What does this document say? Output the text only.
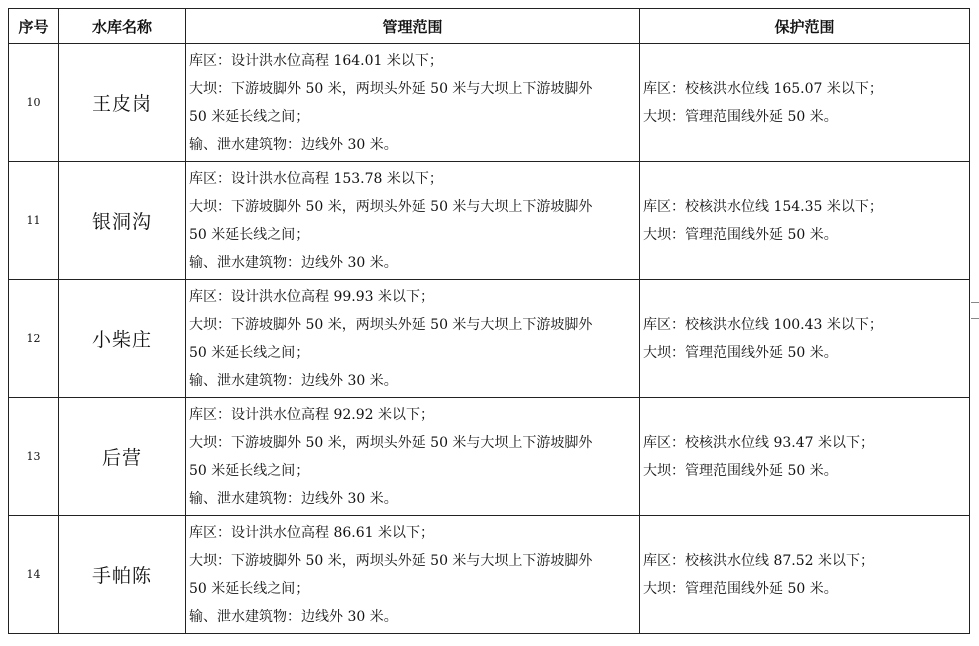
序号	水库名称	管理范围	保护范围
10	王皮岗	库区：设计洪水位高程 164.01 米以下；
大坝：下游坡脚外 50 米，两坝头外延 50 米与大坝上下游坡脚外
50 米延长线之间；
输、泄水建筑物：边线外 30 米。	库区：校核洪水位线 165.07 米以下；
大坝：管理范围线外延 50 米。

11	银洞沟	库区：设计洪水位高程 153.78 米以下；
大坝：下游坡脚外 50 米，两坝头外延 50 米与大坝上下游坡脚外
50 米延长线之间；
输、泄水建筑物：边线外 30 米。	库区：校核洪水位线 154.35 米以下；
大坝：管理范围线外延 50 米。

12	小柴庄	库区：设计洪水位高程 99.93 米以下；
大坝：下游坡脚外 50 米，两坝头外延 50 米与大坝上下游坡脚外
50 米延长线之间；
输、泄水建筑物：边线外 30 米。	库区：校核洪水位线 100.43 米以下；
大坝：管理范围线外延 50 米。

13	后营	库区：设计洪水位高程 92.92 米以下；
大坝：下游坡脚外 50 米，两坝头外延 50 米与大坝上下游坡脚外
50 米延长线之间；
输、泄水建筑物：边线外 30 米。	库区：校核洪水位线 93.47 米以下；
大坝：管理范围线外延 50 米。

14	手帕陈	库区：设计洪水位高程 86.61 米以下；
大坝：下游坡脚外 50 米，两坝头外延 50 米与大坝上下游坡脚外
50 米延长线之间；
输、泄水建筑物：边线外 30 米。	库区：校核洪水位线 87.52 米以下；
大坝：管理范围线外延 50 米。
